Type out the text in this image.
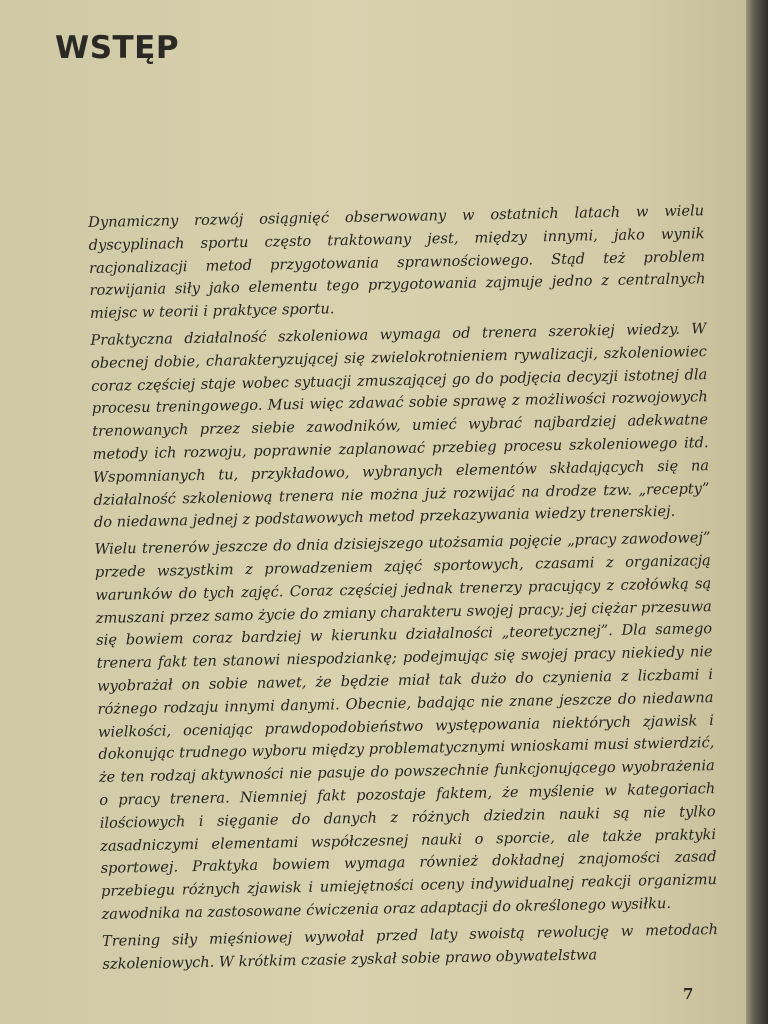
WSTĘP

Dynamiczny rozwój osiągnięć obserwowany w ostatnich latach w wielu dyscyplinach sportu często traktowany jest, między innymi, jako wynik racjonalizacji metod przygotowania sprawnościowego. Stąd też problem rozwijania siły jako elementu tego przygotowania zajmuje jedno z centralnych miejsc w teorii i praktyce sportu.

Praktyczna działalność szkoleniowa wymaga od trenera szerokiej wiedzy. W obecnej dobie, charakteryzującej się zwielokrotnieniem rywalizacji, szkoleniowiec coraz częściej staje wobec sytuacji zmuszającej go do podjęcia decyzji istotnej dla procesu treningowego. Musi więc zdawać sobie sprawę z możliwości rozwojowych trenowanych przez siebie zawodników, umieć wybrać najbardziej adekwatne metody ich rozwoju, poprawnie zaplanować przebieg procesu szkoleniowego itd. Wspomnianych tu, przykładowo, wybranych elementów składających się na działalność szkoleniową trenera nie można już rozwijać na drodze tzw. „recepty” do niedawna jednej z podstawowych metod przekazywania wiedzy trenerskiej.

Wielu trenerów jeszcze do dnia dzisiejszego utożsamia pojęcie „pracy zawodowej” przede wszystkim z prowadzeniem zajęć sportowych, czasami z organizacją warunków do tych zajęć. Coraz częściej jednak trenerzy pracujący z czołówką są zmuszani przez samo życie do zmiany charakteru swojej pracy; jej ciężar przesuwa się bowiem coraz bardziej w kierunku działalności „teoretycznej”. Dla samego trenera fakt ten stanowi niespodziankę; podejmując się swojej pracy niekiedy nie wyobrażał on sobie nawet, że będzie miał tak dużo do czynienia z liczbami i różnego rodzaju innymi danymi. Obecnie, badając nie znane jeszcze do niedawna wielkości, oceniając prawdopodobieństwo występowania niektórych zjawisk i dokonując trudnego wyboru między problematycznymi wnioskami musi stwierdzić, że ten rodzaj aktywności nie pasuje do powszechnie funkcjonującego wyobrażenia o pracy trenera. Niemniej fakt pozostaje faktem, że myślenie w kategoriach ilościowych i sięganie do danych z różnych dziedzin nauki są nie tylko zasadniczymi elementami współczesnej nauki o sporcie, ale także praktyki sportowej. Praktyka bowiem wymaga również dokładnej znajomości zasad przebiegu różnych zjawisk i umiejętności oceny indywidualnej reakcji organizmu zawodnika na zastosowane ćwiczenia oraz adaptacji do określonego wysiłku.

Trening siły mięśniowej wywołał przed laty swoistą rewolucję w metodach szkoleniowych. W krótkim czasie zyskał sobie prawo obywatelstwa

7
